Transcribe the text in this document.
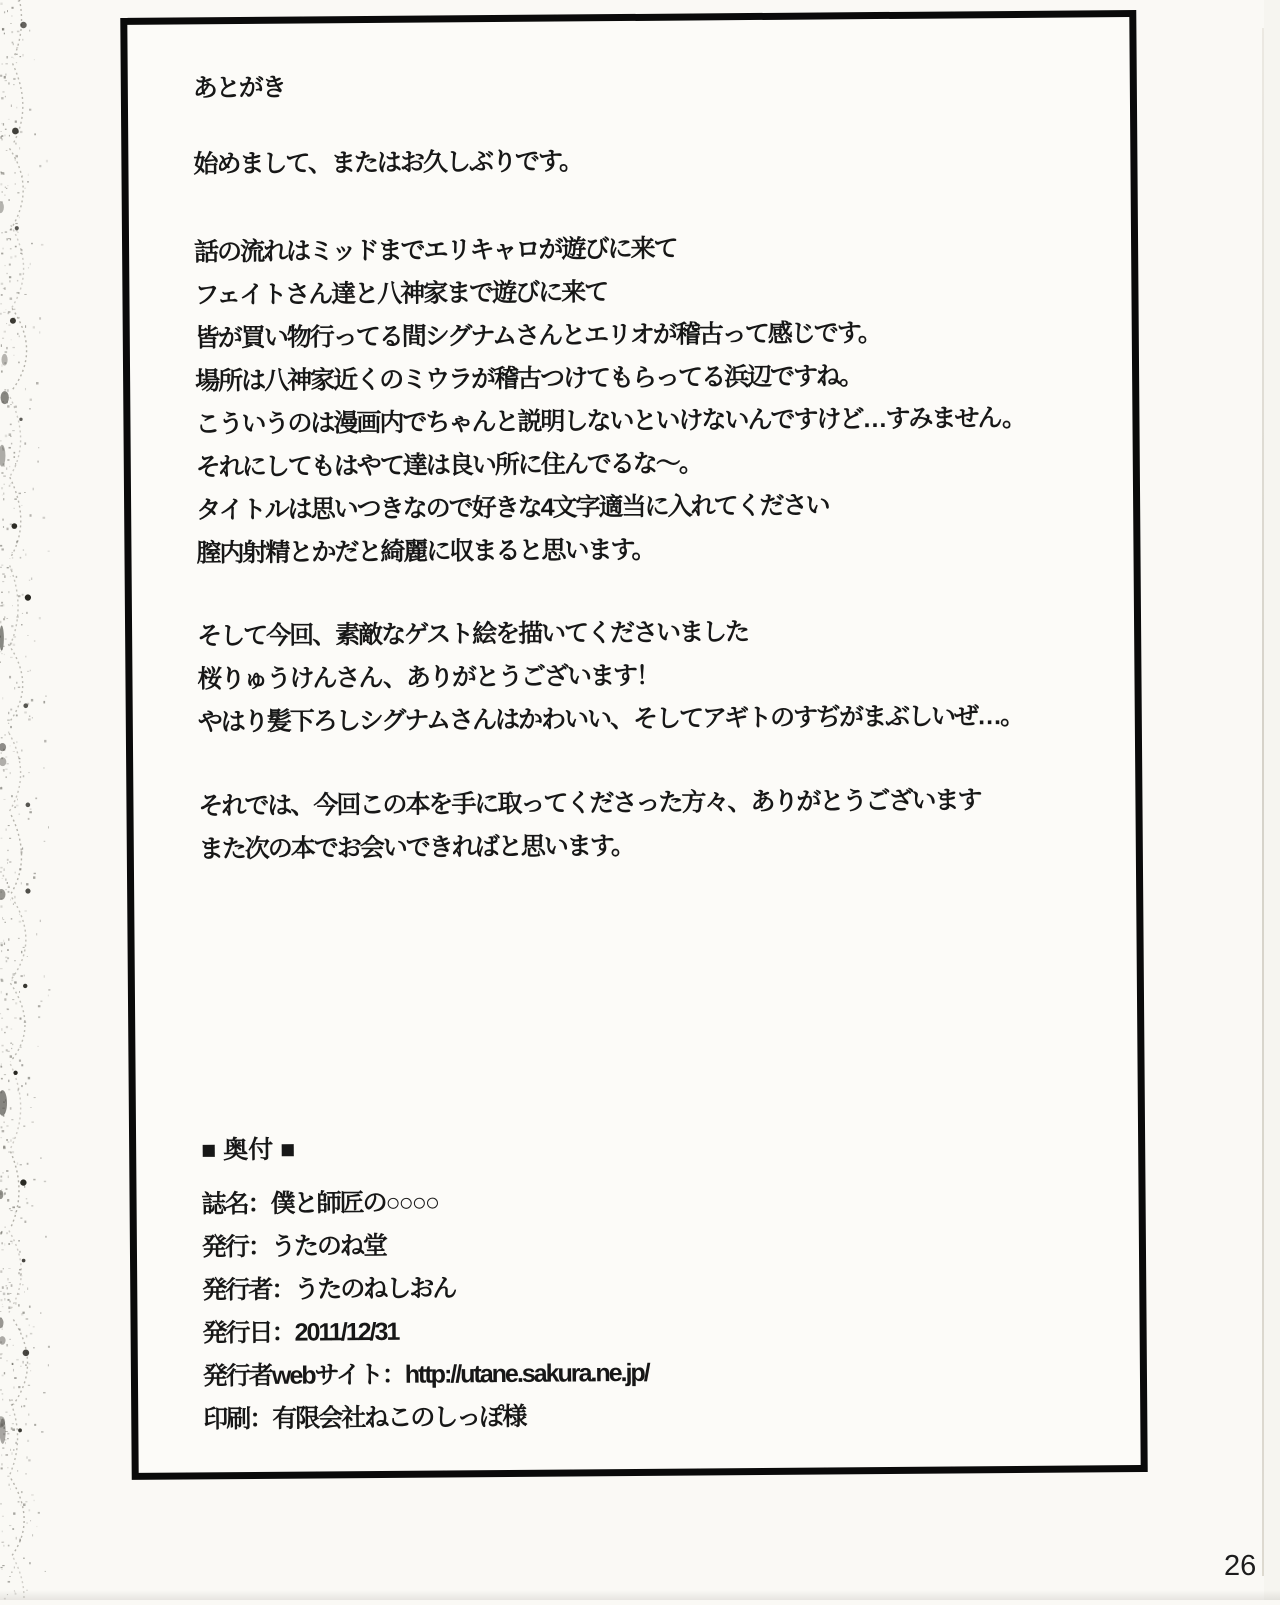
あとがき
始めまして、またはお久しぶりです。
話の流れはミッドまでエリキャロが遊びに来て
フェイトさん達と八神家まで遊びに来て
皆が買い物行ってる間シグナムさんとエリオが稽古って感じです。
場所は八神家近くのミウラが稽古つけてもらってる浜辺ですね。
こういうのは漫画内でちゃんと説明しないといけないんですけど…すみません。
それにしてもはやて達は良い所に住んでるな〜。
タイトルは思いつきなので好きな4文字適当に入れてください
膣内射精とかだと綺麗に収まると思います。
そして今回、素敵なゲスト絵を描いてくださいました
桜りゅうけんさん、ありがとうございます！
やはり髪下ろしシグナムさんはかわいい、そしてアギトのすぢがまぶしいぜ…。
それでは、今回この本を手に取ってくださった方々、ありがとうございます
また次の本でお会いできればと思います。
■ 奥付 ■
誌名：僕と師匠の○○○○
発行：うたのね堂
発行者：うたのねしおん
発行日：2011/12/31
発行者webサイト：http://utane.sakura.ne.jp/
印刷：有限会社ねこのしっぽ様
26
